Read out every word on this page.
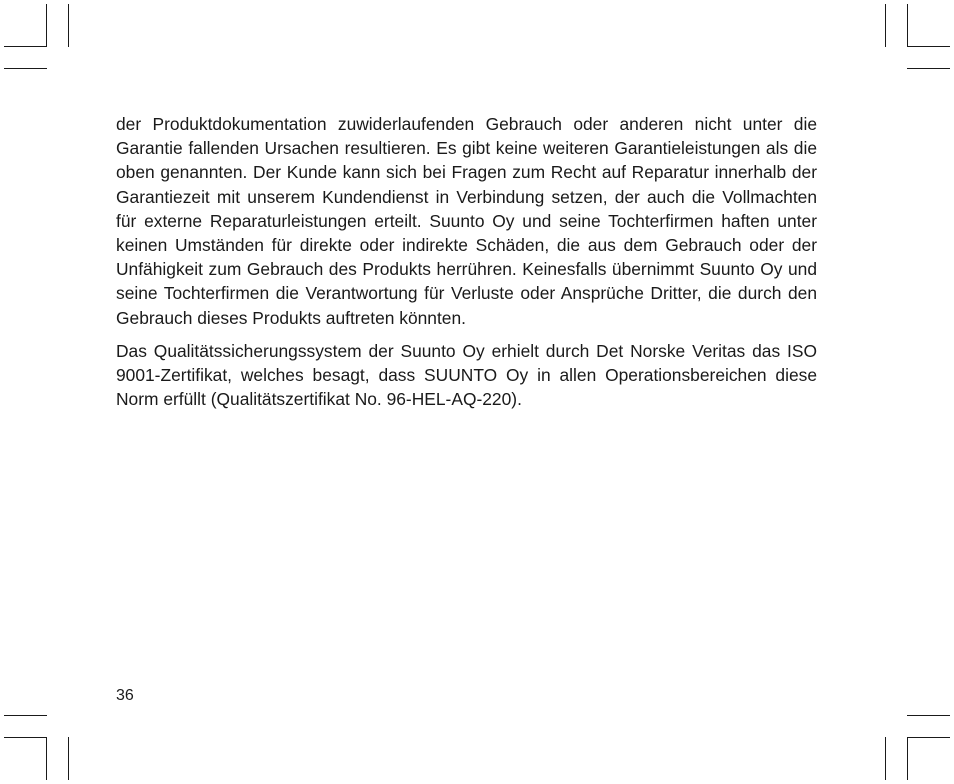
der Produktdokumentation zuwiderlaufenden Gebrauch oder anderen nicht unter die Garantie fallenden Ursachen resultieren. Es gibt keine weiteren Garantieleistungen als die oben genannten. Der Kunde kann sich bei Fragen zum Recht auf Reparatur innerhalb der Garantiezeit mit unserem Kundendienst in Verbindung setzen, der auch die Vollmachten für externe Reparaturleistungen erteilt. Suunto Oy und seine Tochterfirmen haften unter keinen Umständen für direkte oder indirekte Schäden, die aus dem Gebrauch oder der Unfähigkeit zum Gebrauch des Produkts herrühren. Keinesfalls übernimmt Suunto Oy und seine Tochterfirmen die Verantwortung für Verluste oder Ansprüche Dritter, die durch den Gebrauch dieses Produkts auftreten könnten.

Das Qualitätssicherungssystem der Suunto Oy erhielt durch Det Norske Veritas das ISO 9001-Zertifikat, welches besagt, dass SUUNTO Oy in allen Operationsbereichen diese Norm erfüllt (Qualitätszertifikat No. 96-HEL-AQ-220).

36
